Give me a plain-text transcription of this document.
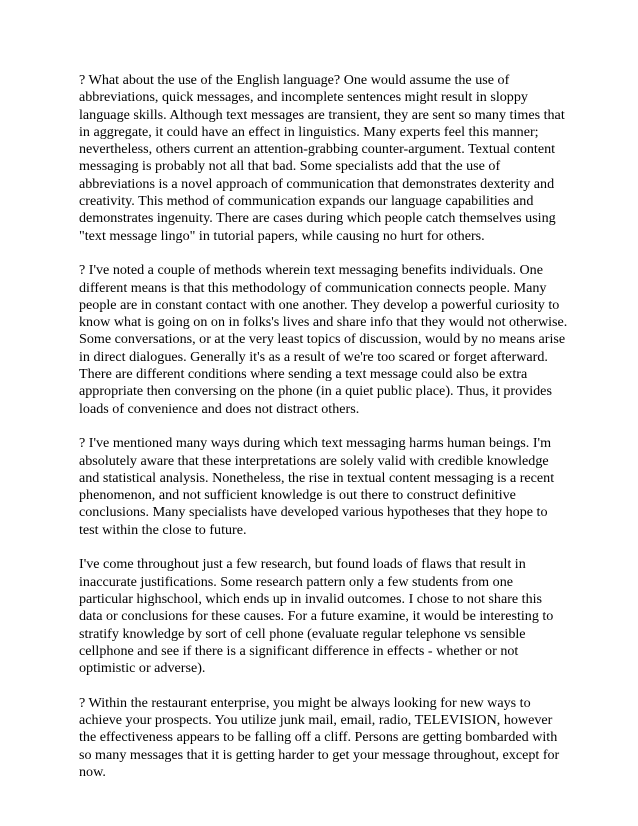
? What about the use of the English language? One would assume the use of
abbreviations, quick messages, and incomplete sentences might result in sloppy
language skills. Although text messages are transient, they are sent so many times that
in aggregate, it could have an effect in linguistics. Many experts feel this manner;
nevertheless, others current an attention-grabbing counter-argument. Textual content
messaging is probably not all that bad. Some specialists add that the use of
abbreviations is a novel approach of communication that demonstrates dexterity and
creativity. This method of communication expands our language capabilities and
demonstrates ingenuity. There are cases during which people catch themselves using
"text message lingo" in tutorial papers, while causing no hurt for others.
? I've noted a couple of methods wherein text messaging benefits individuals. One
different means is that this methodology of communication connects people. Many
people are in constant contact with one another. They develop a powerful curiosity to
know what is going on on in folks's lives and share info that they would not otherwise.
Some conversations, or at the very least topics of discussion, would by no means arise
in direct dialogues. Generally it's as a result of we're too scared or forget afterward.
There are different conditions where sending a text message could also be extra
appropriate then conversing on the phone (in a quiet public place). Thus, it provides
loads of convenience and does not distract others.
? I've mentioned many ways during which text messaging harms human beings. I'm
absolutely aware that these interpretations are solely valid with credible knowledge
and statistical analysis. Nonetheless, the rise in textual content messaging is a recent
phenomenon, and not sufficient knowledge is out there to construct definitive
conclusions. Many specialists have developed various hypotheses that they hope to
test within the close to future.
I've come throughout just a few research, but found loads of flaws that result in
inaccurate justifications. Some research pattern only a few students from one
particular highschool, which ends up in invalid outcomes. I chose to not share this
data or conclusions for these causes. For a future examine, it would be interesting to
stratify knowledge by sort of cell phone (evaluate regular telephone vs sensible
cellphone and see if there is a significant difference in effects - whether or not
optimistic or adverse).
? Within the restaurant enterprise, you might be always looking for new ways to
achieve your prospects. You utilize junk mail, email, radio, TELEVISION, however
the effectiveness appears to be falling off a cliff. Persons are getting bombarded with
so many messages that it is getting harder to get your message throughout, except for
now.
